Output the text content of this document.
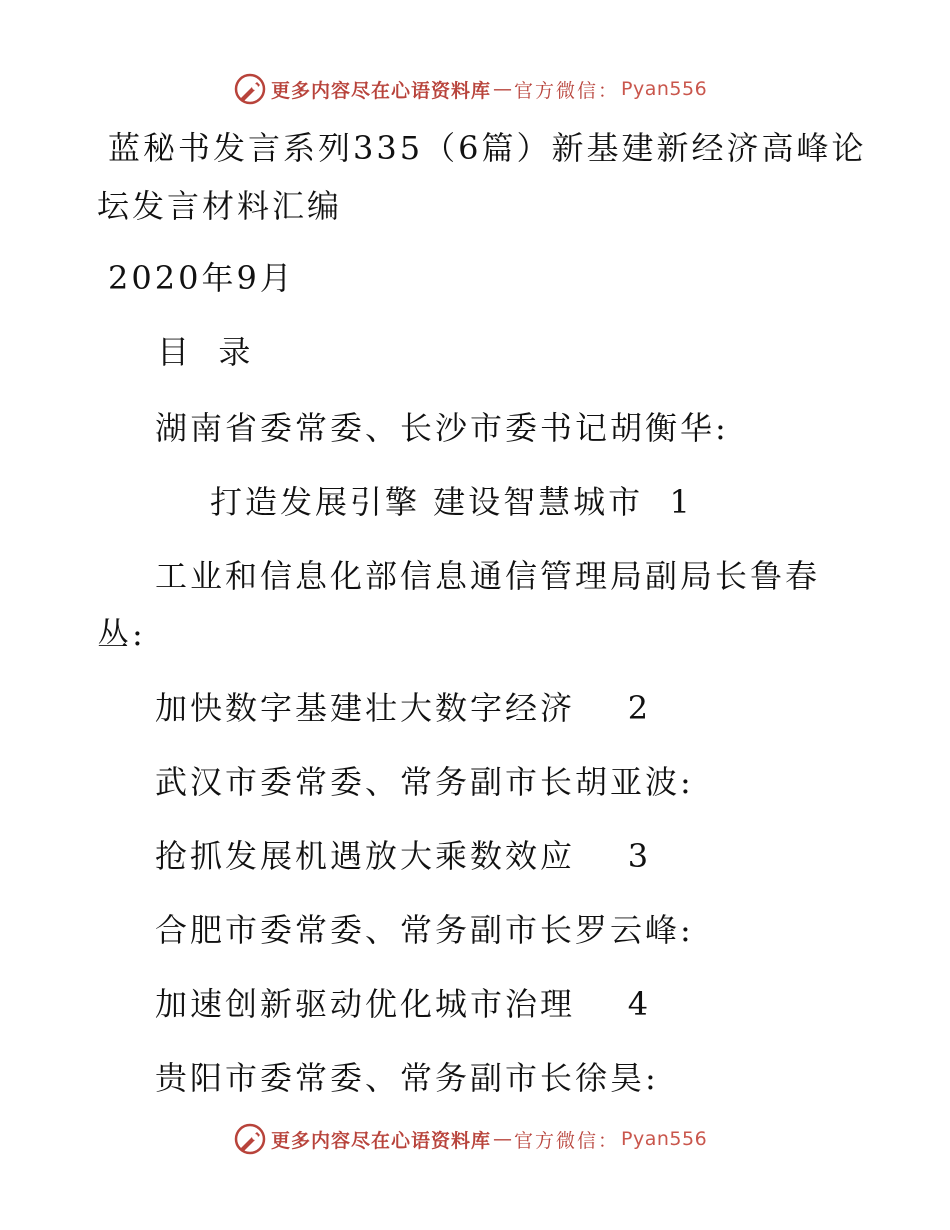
更多内容尽在心语资料库 — 官方微信： Pyan556
蓝秘书发言系列335（6篇）新基建新经济高峰论
坛发言材料汇编
2020年9月
目  录
湖南省委常委、长沙市委书记胡衡华:
打造发展引擎 建设智慧城市  1
工业和信息化部信息通信管理局副局长鲁春
丛:
加快数字基建壮大数字经济    2
武汉市委常委、常务副市长胡亚波:
抢抓发展机遇放大乘数效应    3
合肥市委常委、常务副市长罗云峰:
加速创新驱动优化城市治理    4
贵阳市委常委、常务副市长徐昊:
更多内容尽在心语资料库 — 官方微信： Pyan556
